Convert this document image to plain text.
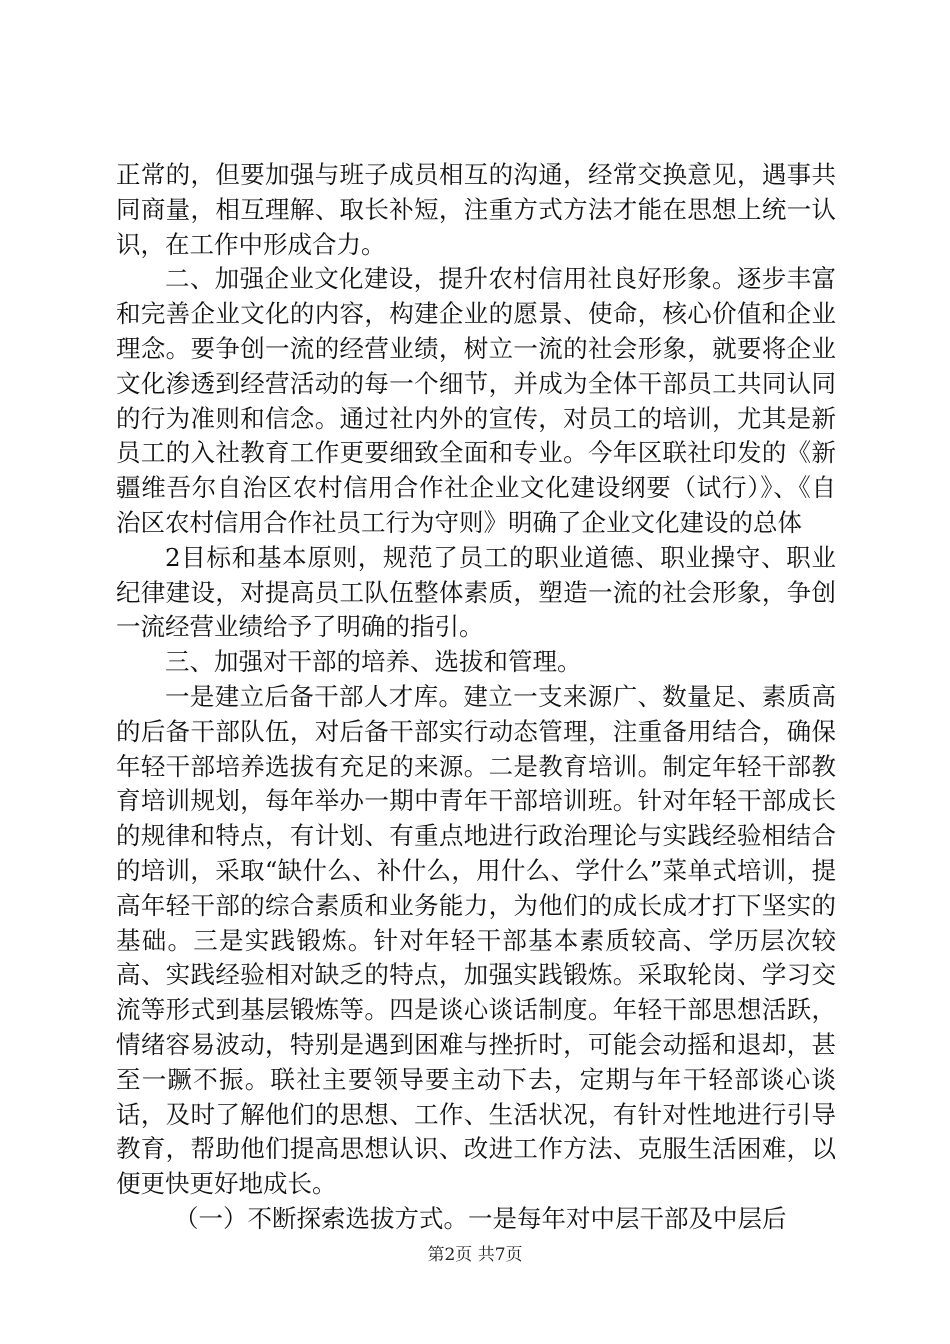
正常的，但要加强与班子成员相互的沟通，经常交换意见，遇事共同商量，相互理解、取长补短，注重方式方法才能在思想上统一认识，在工作中形成合力。

二、加强企业文化建设，提升农村信用社良好形象。逐步丰富和完善企业文化的内容，构建企业的愿景、使命，核心价值和企业理念。要争创一流的经营业绩，树立一流的社会形象，就要将企业文化渗透到经营活动的每一个细节，并成为全体干部员工共同认同的行为准则和信念。通过社内外的宣传，对员工的培训，尤其是新员工的入社教育工作更要细致全面和专业。今年区联社印发的《新疆维吾尔自治区农村信用合作社企业文化建设纲要（试行）》、《自治区农村信用合作社员工行为守则》明确了企业文化建设的总体

2目标和基本原则，规范了员工的职业道德、职业操守、职业纪律建设，对提高员工队伍整体素质，塑造一流的社会形象，争创一流经营业绩给予了明确的指引。

三、加强对干部的培养、选拔和管理。

一是建立后备干部人才库。建立一支来源广、数量足、素质高的后备干部队伍，对后备干部实行动态管理，注重备用结合，确保年轻干部培养选拔有充足的来源。二是教育培训。制定年轻干部教育培训规划，每年举办一期中青年干部培训班。针对年轻干部成长的规律和特点，有计划、有重点地进行政治理论与实践经验相结合的培训，采取“缺什么、补什么，用什么、学什么”菜单式培训，提高年轻干部的综合素质和业务能力，为他们的成长成才打下坚实的基础。三是实践锻炼。针对年轻干部基本素质较高、学历层次较高、实践经验相对缺乏的特点，加强实践锻炼。采取轮岗、学习交流等形式到基层锻炼等。四是谈心谈话制度。年轻干部思想活跃，情绪容易波动，特别是遇到困难与挫折时，可能会动摇和退却，甚至一蹶不振。联社主要领导要主动下去，定期与年干轻部谈心谈话，及时了解他们的思想、工作、生活状况，有针对性地进行引导教育，帮助他们提高思想认识、改进工作方法、克服生活困难，以便更快更好地成长。

（一）不断探索选拔方式。一是每年对中层干部及中层后

第2页 共7页
